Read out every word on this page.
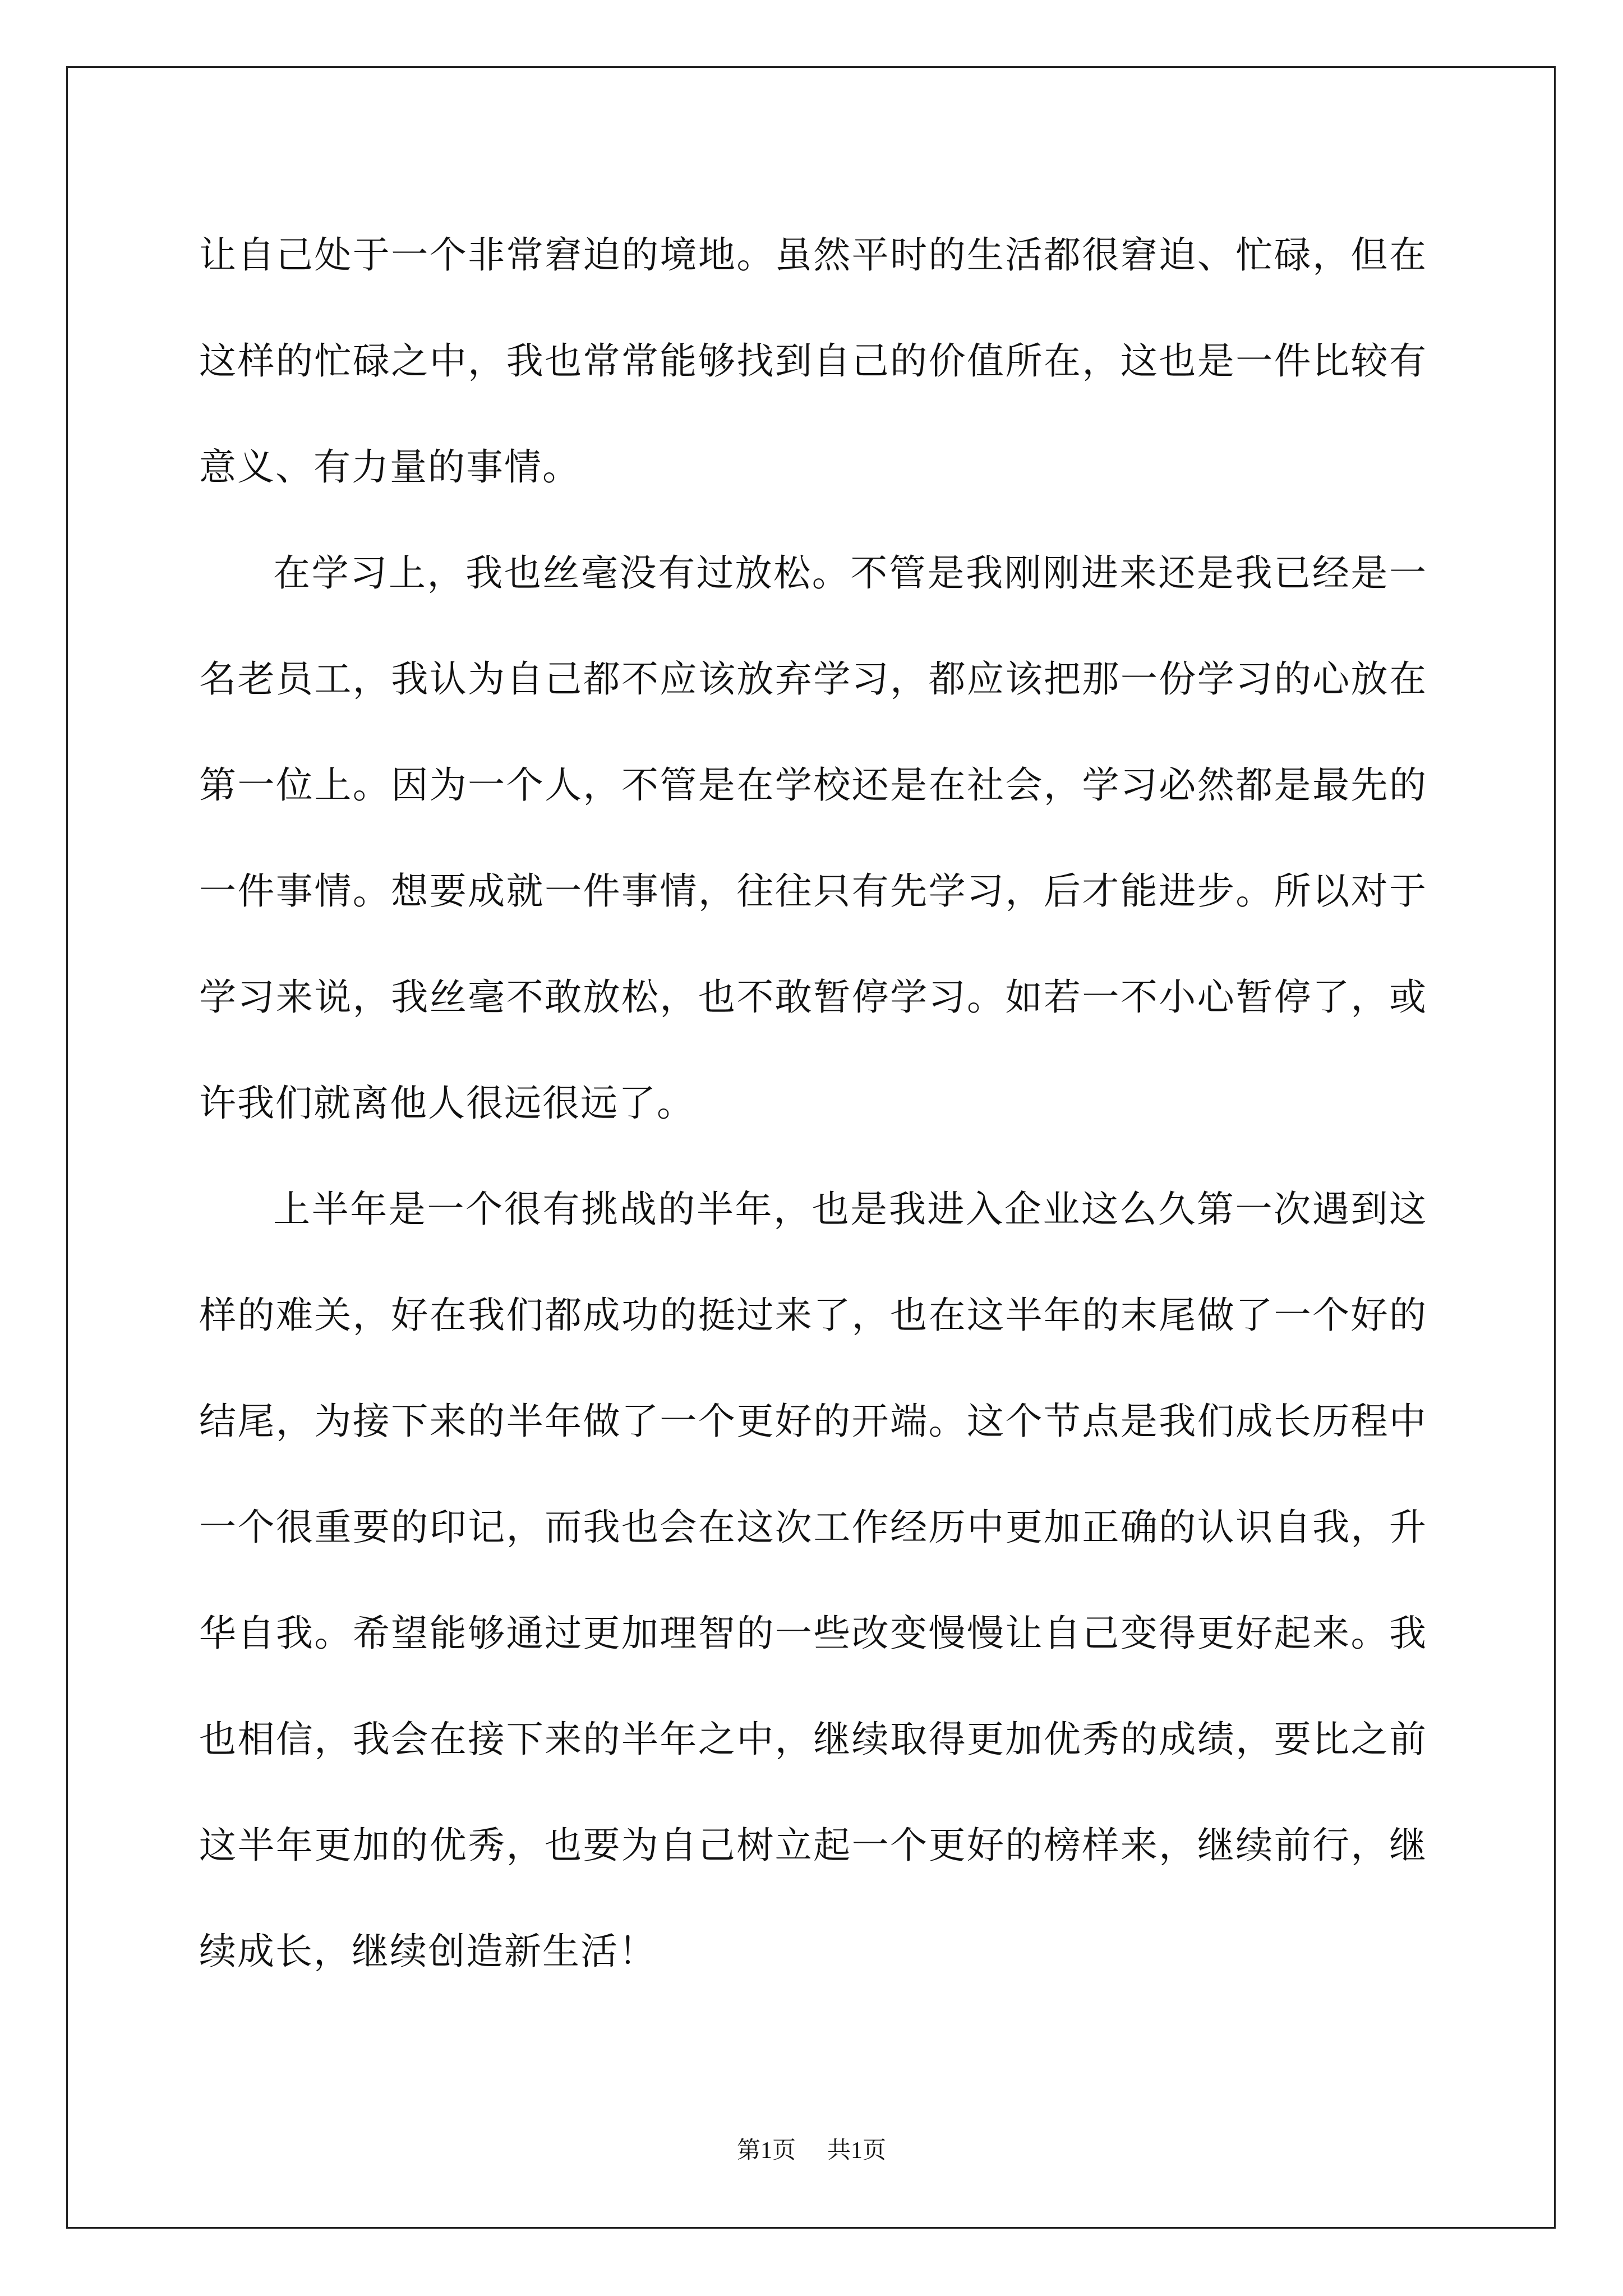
让自己处于一个非常窘迫的境地。虽然平时的生活都很窘迫、忙碌，但在这样的忙碌之中，我也常常能够找到自己的价值所在，这也是一件比较有意义、有力量的事情。

在学习上，我也丝毫没有过放松。不管是我刚刚进来还是我已经是一名老员工，我认为自己都不应该放弃学习，都应该把那一份学习的心放在第一位上。因为一个人，不管是在学校还是在社会，学习必然都是最先的一件事情。想要成就一件事情，往往只有先学习，后才能进步。所以对于学习来说，我丝毫不敢放松，也不敢暂停学习。如若一不小心暂停了，或许我们就离他人很远很远了。

上半年是一个很有挑战的半年，也是我进入企业这么久第一次遇到这样的难关，好在我们都成功的挺过来了，也在这半年的末尾做了一个好的结尾，为接下来的半年做了一个更好的开端。这个节点是我们成长历程中一个很重要的印记，而我也会在这次工作经历中更加正确的认识自我，升华自我。希望能够通过更加理智的一些改变慢慢让自己变得更好起来。我也相信，我会在接下来的半年之中，继续取得更加优秀的成绩，要比之前这半年更加的优秀，也要为自己树立起一个更好的榜样来，继续前行，继续成长，继续创造新生活！

第1页 共1页
